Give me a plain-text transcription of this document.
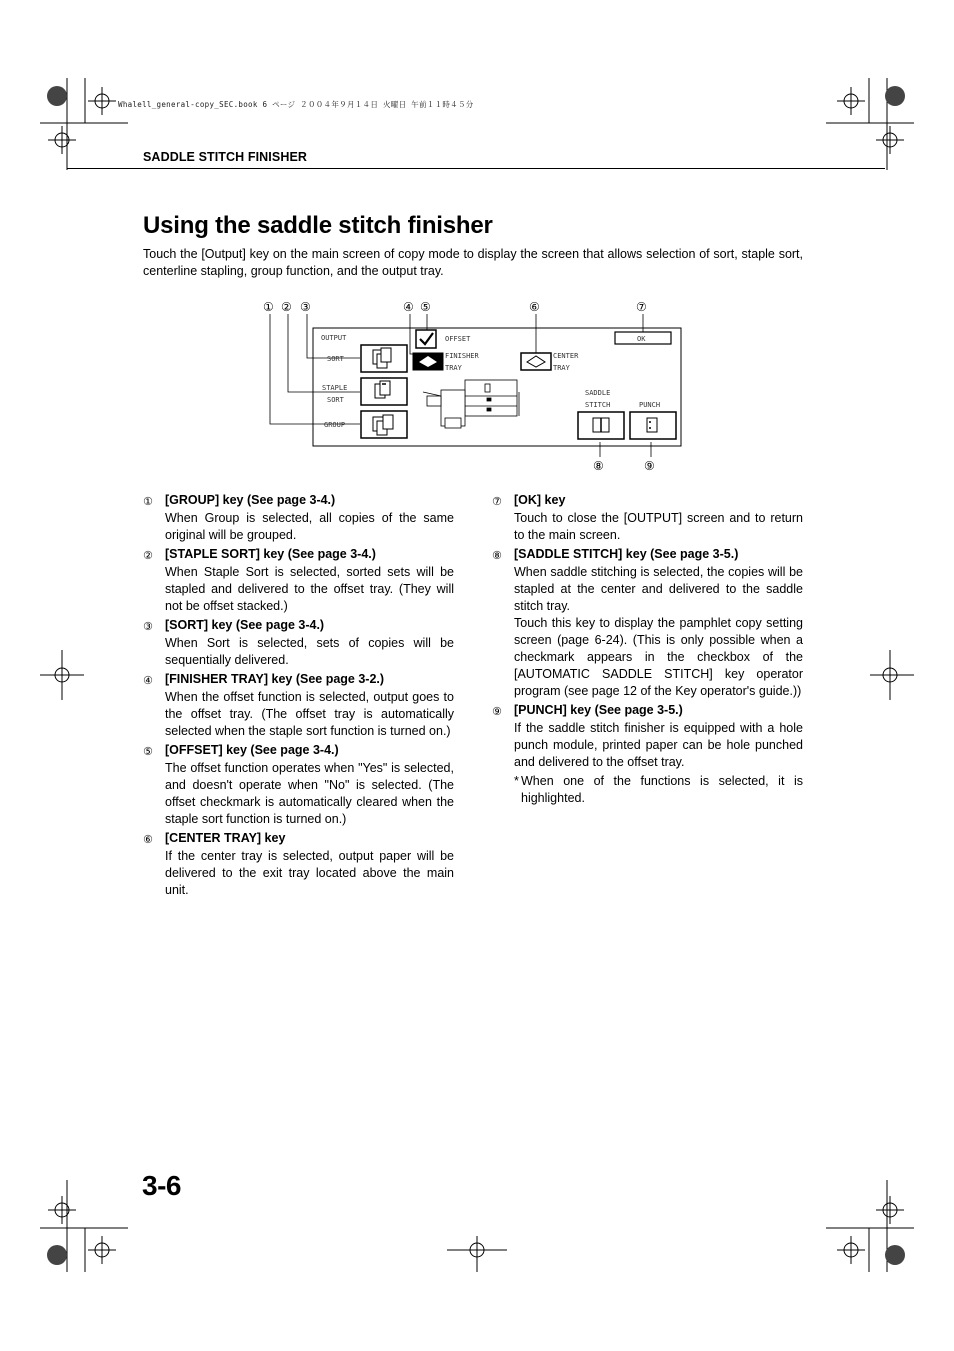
Whalell_general-copy_SEC.book 6 ページ ２００４年９月１４日 火曜日 午前１１時４５分
SADDLE STITCH FINISHER
Using the saddle stitch finisher
Touch the [Output] key on the main screen of copy mode to display the screen that allows selection of sort, staple sort, centerline stapling, group function, and the output tray.
① ② ③	④ ⑤	⑥	⑦
⑧	⑨
OUTPUT
SORT
STAPLE
SORT
GROUP
OFFSET
FINISHER
TRAY
CENTER
TRAY
OK
SADDLE
STITCH	PUNCH
① [GROUP] key (See page 3-4.)
When Group is selected, all copies of the same original will be grouped.
② [STAPLE SORT] key (See page 3-4.)
When Staple Sort is selected, sorted sets will be stapled and delivered to the offset tray. (They will not be offset stacked.)
③ [SORT] key (See page 3-4.)
When Sort is selected, sets of copies will be sequentially delivered.
④ [FINISHER TRAY] key (See page 3-2.)
When the offset function is selected, output goes to the offset tray. (The offset tray is automatically selected when the staple sort function is turned on.)
⑤ [OFFSET] key (See page 3-4.)
The offset function operates when "Yes" is selected, and doesn't operate when "No" is selected. (The offset checkmark is automatically cleared when the staple sort function is turned on.)
⑥ [CENTER TRAY] key
If the center tray is selected, output paper will be delivered to the exit tray located above the main unit.
⑦ [OK] key
Touch to close the [OUTPUT] screen and to return to the main screen.
⑧ [SADDLE STITCH] key (See page 3-5.)
When saddle stitching is selected, the copies will be stapled at the center and delivered to the saddle stitch tray.
Touch this key to display the pamphlet copy setting screen (page 6-24). (This is only possible when a checkmark appears in the checkbox of the [AUTOMATIC SADDLE STITCH] key operator program (see page 12 of the Key operator's guide.))
⑨ [PUNCH] key (See page 3-5.)
If the saddle stitch finisher is equipped with a hole punch module, printed paper can be hole punched and delivered to the offset tray.
* When one of the functions is selected, it is highlighted.
3-6
